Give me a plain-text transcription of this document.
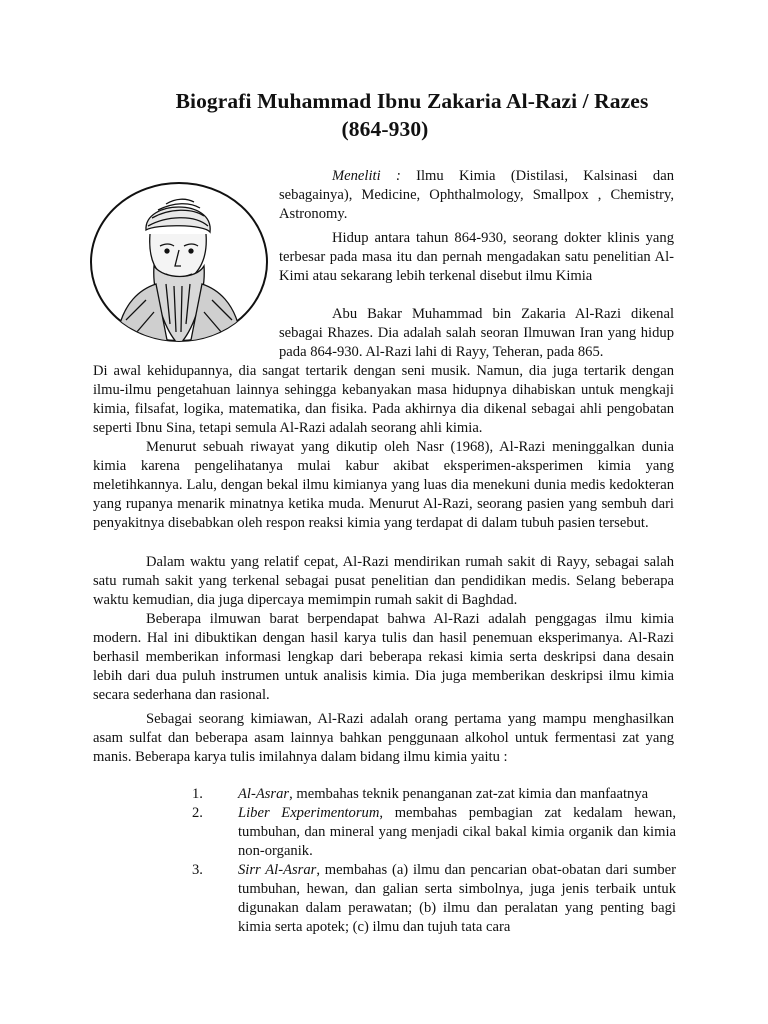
Biografi Muhammad Ibnu Zakaria Al-Razi / Razes
(864-930)

Meneliti : Ilmu Kimia (Distilasi, Kalsinasi dan sebagainya), Medicine, Ophthalmology, Smallpox , Chemistry, Astronomy.

Hidup antara tahun 864-930, seorang dokter klinis yang terbesar pada masa itu dan pernah mengadakan satu penelitian Al-Kimi atau sekarang lebih terkenal disebut ilmu Kimia

Abu Bakar Muhammad bin Zakaria Al-Razi dikenal sebagai Rhazes. Dia adalah salah seoran Ilmuwan Iran yang hidup pada 864-930. Al-Razi lahi di Rayy, Teheran, pada 865.

Di awal kehidupannya, dia sangat tertarik dengan seni musik. Namun, dia juga tertarik dengan ilmu-ilmu pengetahuan lainnya sehingga kebanyakan masa hidupnya dihabiskan untuk mengkaji kimia, filsafat, logika, matematika, dan fisika. Pada akhirnya dia dikenal sebagai ahli pengobatan seperti Ibnu Sina, tetapi semula Al-Razi adalah seorang ahli kimia.

Menurut sebuah riwayat yang dikutip oleh Nasr (1968), Al-Razi meninggalkan dunia kimia karena pengelihatanya mulai kabur akibat eksperimen-aksperimen kimia yang meletihkannya. Lalu, dengan bekal ilmu kimianya yang luas dia menekuni dunia medis kedokteran yang rupanya menarik minatnya ketika muda. Menurut Al-Razi, seorang pasien yang sembuh dari penyakitnya disebabkan oleh respon reaksi kimia yang terdapat di dalam tubuh pasien tersebut.

Dalam waktu yang relatif cepat, Al-Razi mendirikan rumah sakit di Rayy, sebagai salah satu rumah sakit yang terkenal sebagai pusat penelitian dan pendidikan medis. Selang beberapa waktu kemudian, dia juga dipercaya memimpin rumah sakit di Baghdad.

Beberapa ilmuwan barat berpendapat bahwa Al-Razi adalah penggagas ilmu kimia modern. Hal ini dibuktikan dengan hasil karya tulis dan hasil penemuan eksperimanya. Al-Razi berhasil memberikan informasi lengkap dari beberapa rekasi kimia serta deskripsi dana desain lebih dari dua puluh instrumen untuk analisis kimia. Dia juga memberikan deskripsi ilmu kimia secara sederhana dan rasional.

Sebagai seorang kimiawan, Al-Razi adalah orang pertama yang mampu menghasilkan asam sulfat dan beberapa asam lainnya bahkan penggunaan alkohol untuk fermentasi zat yang manis. Beberapa karya tulis imilahnya dalam bidang ilmu kimia yaitu :

1. Al-Asrar, membahas teknik penanganan zat-zat kimia dan manfaatnya
2. Liber Experimentorum, membahas pembagian zat kedalam hewan, tumbuhan, dan mineral yang menjadi cikal bakal kimia organik dan kimia non-organik.
3. Sirr Al-Asrar, membahas (a) ilmu dan pencarian obat-obatan dari sumber tumbuhan, hewan, dan galian serta simbolnya, juga jenis terbaik untuk digunakan dalam perawatan; (b) ilmu dan peralatan yang penting bagi kimia serta apotek; (c) ilmu dan tujuh tata cara
